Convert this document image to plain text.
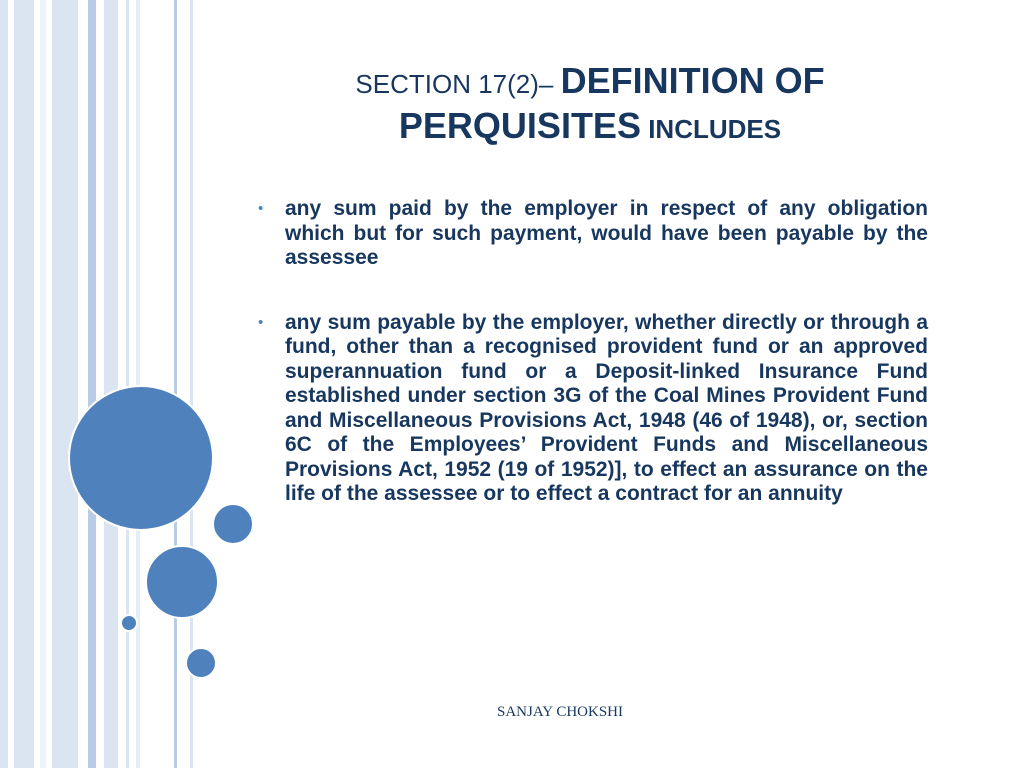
SECTION 17(2)– DEFINITION OF PERQUISITES INCLUDES
• any sum paid by the employer in respect of any obligation which but for such payment, would have been payable by the assessee
• any sum payable by the employer, whether directly or through a fund, other than a recognised provident fund or an approved superannuation fund or a Deposit-linked Insurance Fund established under section 3G of the Coal Mines Provident Fund and Miscellaneous Provisions Act, 1948 (46 of 1948), or, section 6C of the Employees’ Provident Funds and Miscellaneous Provisions Act, 1952 (19 of 1952)], to effect an assurance on the life of the assessee or to effect a contract for an annuity
SANJAY CHOKSHI
